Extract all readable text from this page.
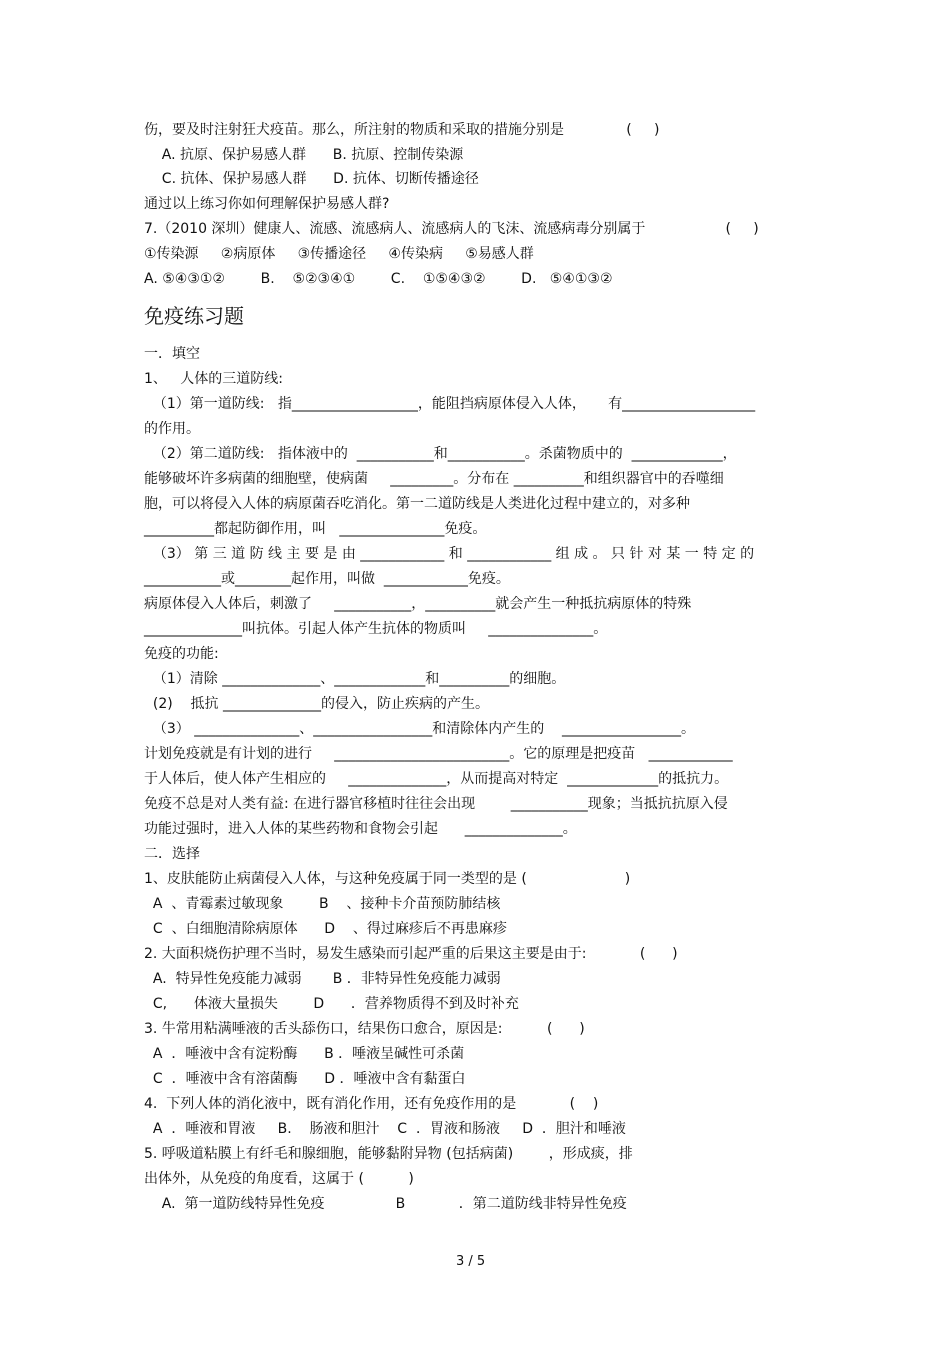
伤，要及时注射狂犬疫苗。那么，所注射的物质和采取的措施分别是              (     )
A. 抗原、保护易感人群      B. 抗原、控制传染源
C. 抗体、保护易感人群      D. 抗体、切断传播途径
通过以上练习你如何理解保护易感人群?
7.（2010 深圳）健康人、流感、流感病人、流感病人的飞沫、流感病毒分别属于                  (     )
①传染源     ②病原体     ③传播途径     ④传染病     ⑤易感人群
A. ⑤④③①②        B.    ⑤②③④①        C.    ①⑤④③②        D.   ⑤④①③②
免疫练习题
一．填空
1、   人体的三道防线:
（1）第一道防线:   指__________________，能阻挡病原体侵入人体，     有___________________
的作用。
（2）第二道防线:   指体液中的  ___________和___________。杀菌物质中的  _____________，
能够破坏许多病菌的细胞壁，使病菌     _________。分布在 __________和组织器官中的吞噬细
胞，可以将侵入人体的病原菌吞吃消化。第一二道防线是人类进化过程中建立的，对多种
__________都起防御作用，叫   _______________免疫。
（3） 第 三 道 防 线 主 要 是 由 ____________ 和 ____________ 组 成 。 只 针 对 某 一 特 定 的
___________或________起作用，叫做  ____________免疫。
病原体侵入人体后，刺激了     ___________，__________就会产生一种抵抗病原体的特殊
______________叫抗体。引起人体产生抗体的物质叫     _______________。
免疫的功能:
（1）清除 ______________、_____________和__________的细胞。
(2)    抵抗 ______________的侵入，防止疾病的产生。
（3） _______________、_________________和清除体内产生的    _________________。
计划免疫就是有计划的进行     _________________________。它的原理是把疫苗   ____________
于人体后，使人体产生相应的     ______________，从而提高对特定  _____________的抵抗力。
免疫不总是对人类有益: 在进行器官移植时往往会出现        ___________现象；当抵抗抗原入侵
功能过强时，进入人体的某些药物和食物会引起      ______________。
二．选择
1、皮肤能防止病菌侵入人体，与这种免疫属于同一类型的是 (                      )
A  、青霉素过敏现象        B    、接种卡介苗预防肺结核
C  、白细胞清除病原体      D    、得过麻疹后不再患麻疹
2. 大面积烧伤护理不当时，易发生感染而引起严重的后果这主要是由于:            (      )
A.  特异性免疫能力减弱       B ．非特异性免疫能力减弱
C,      体液大量损失        D      ．营养物质得不到及时补充
3. 牛常用粘满唾液的舌头舔伤口，结果伤口愈合，原因是:          (      )
A  ．唾液中含有淀粉酶      B ．唾液呈碱性可杀菌
C  ．唾液中含有溶菌酶      D ．唾液中含有黏蛋白
4.  下列人体的消化液中，既有消化作用，还有免疫作用的是            (    )
A  ．唾液和胃液     B.    肠液和胆汁    C  ．胃液和肠液     D  ．胆汁和唾液
5. 呼吸道粘膜上有纤毛和腺细胞，能够黏附异物 (包括病菌)        ，形成痰，排
出体外，从免疫的角度看，这属于 (          )
A.  第一道防线特异性免疫                B            ．第二道防线非特异性免疫
3 / 5
